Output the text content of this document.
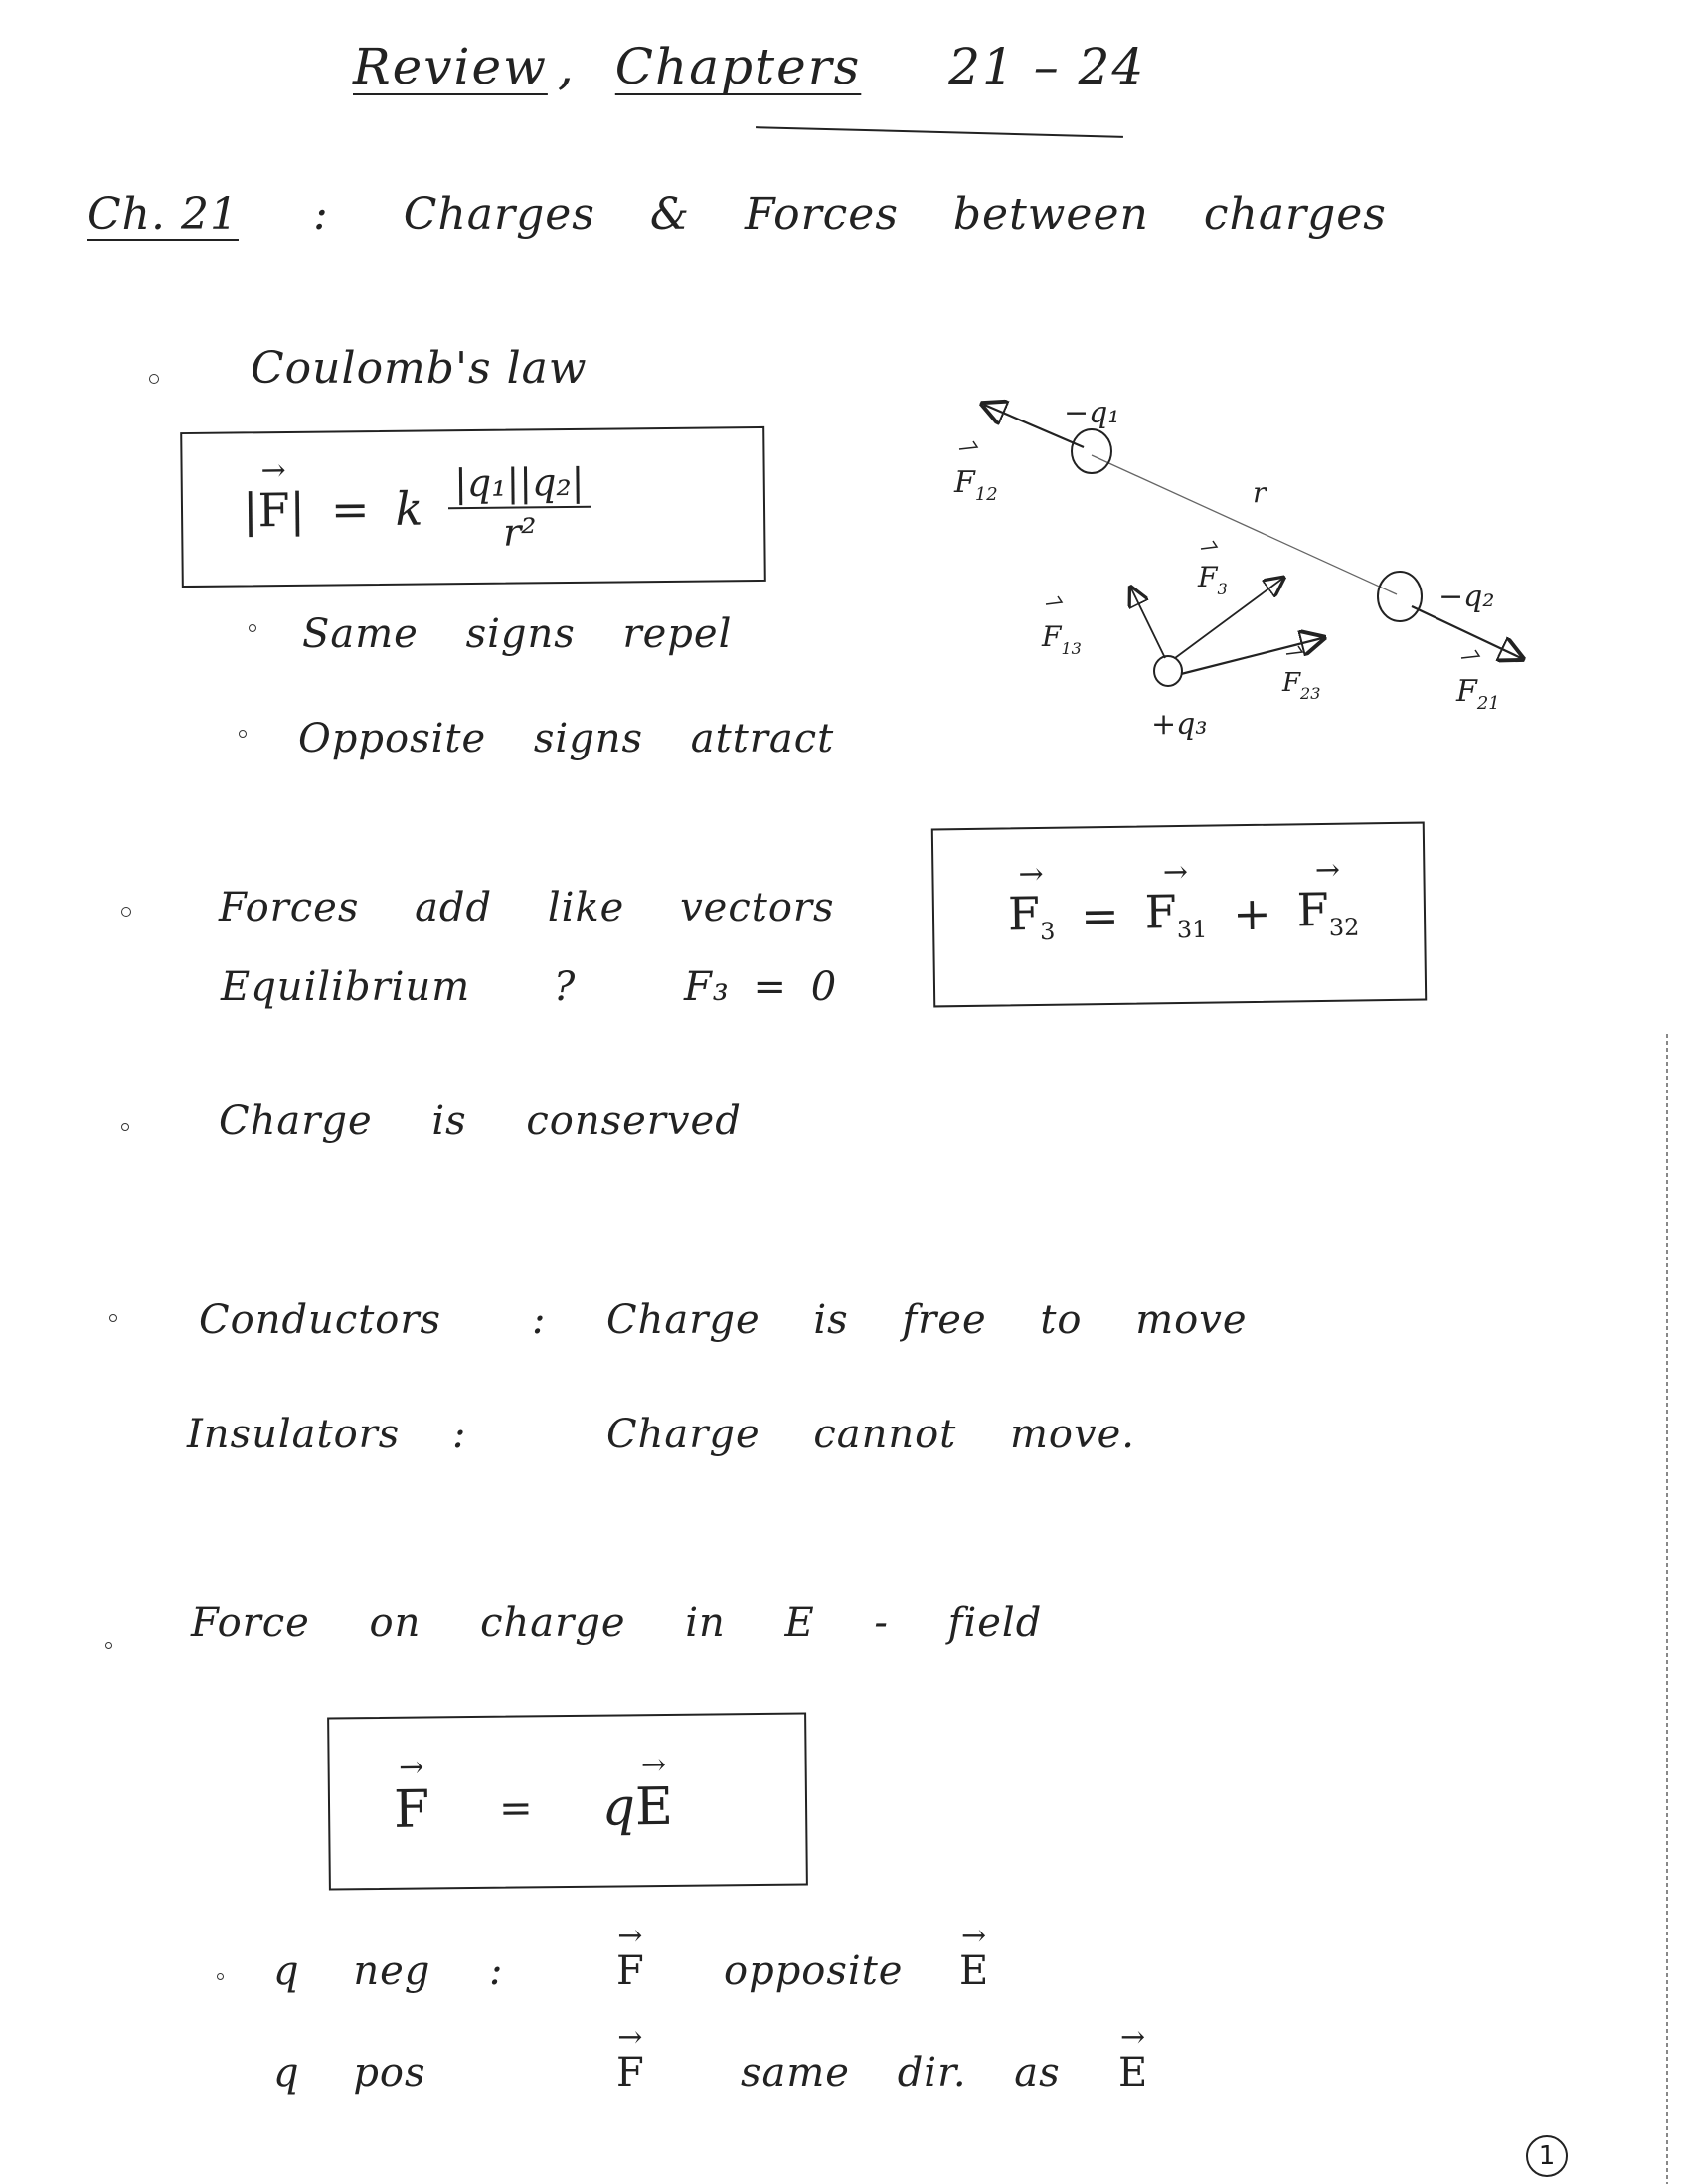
Review , Chapters 21 – 24
Ch. 21 : Charges & Forces between charges
Coulomb's law
→ |F| = k $\frac{\text{|q₁||q₂|}}{\text{r²}}$
Same signs repel
Opposite signs attract
−q₁
−q₂
+q₃
r
$F_{12}$
$F_{21}$
$F_{13}$
$F_{23}$
$F_3$
Forces add like vectors
Equilibrium ?	F₃ = 0
→ $F_3$ = → $F_{31}$ + → $F_{32}$
Charge is conserved
Conductors : Charge is free to move
Insulators :	Charge cannot move.
Force on charge in E - field
→ F = q→ E
q neg :	→ F opposite → E
q pos	→ F same dir. as → E
1
